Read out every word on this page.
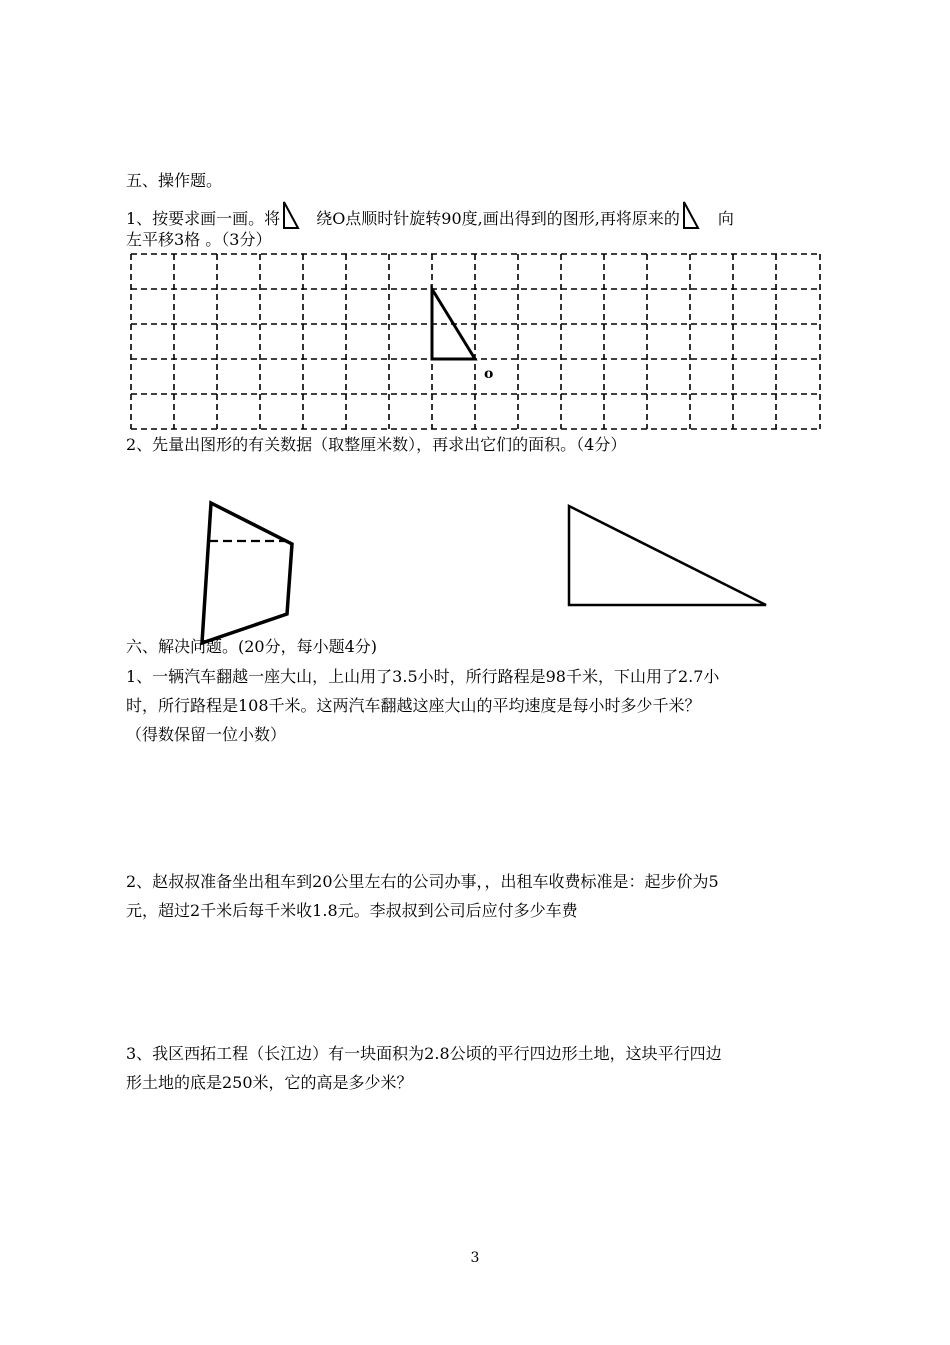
五、操作题。
1、按要求画一画。将 绕O点顺时针旋转90度,画出得到的图形,再将原来的 向
左平移3格 。（3分）
o
2、先量出图形的有关数据（取整厘米数），再求出它们的面积。（4分）
六、解决问题。(20分，每小题4分)
1、一辆汽车翻越一座大山，上山用了3.5小时，所行路程是98千米，下山用了2.7小
时，所行路程是108千米。这两汽车翻越这座大山的平均速度是每小时多少千米？
（得数保留一位小数）
2、赵叔叔准备坐出租车到20公里左右的公司办事，，出租车收费标准是：起步价为5
元，超过2千米后每千米收1.8元。李叔叔到公司后应付多少车费
3、我区西拓工程（长江边）有一块面积为2.8公顷的平行四边形土地，这块平行四边
形土地的底是250米，它的高是多少米？
3
